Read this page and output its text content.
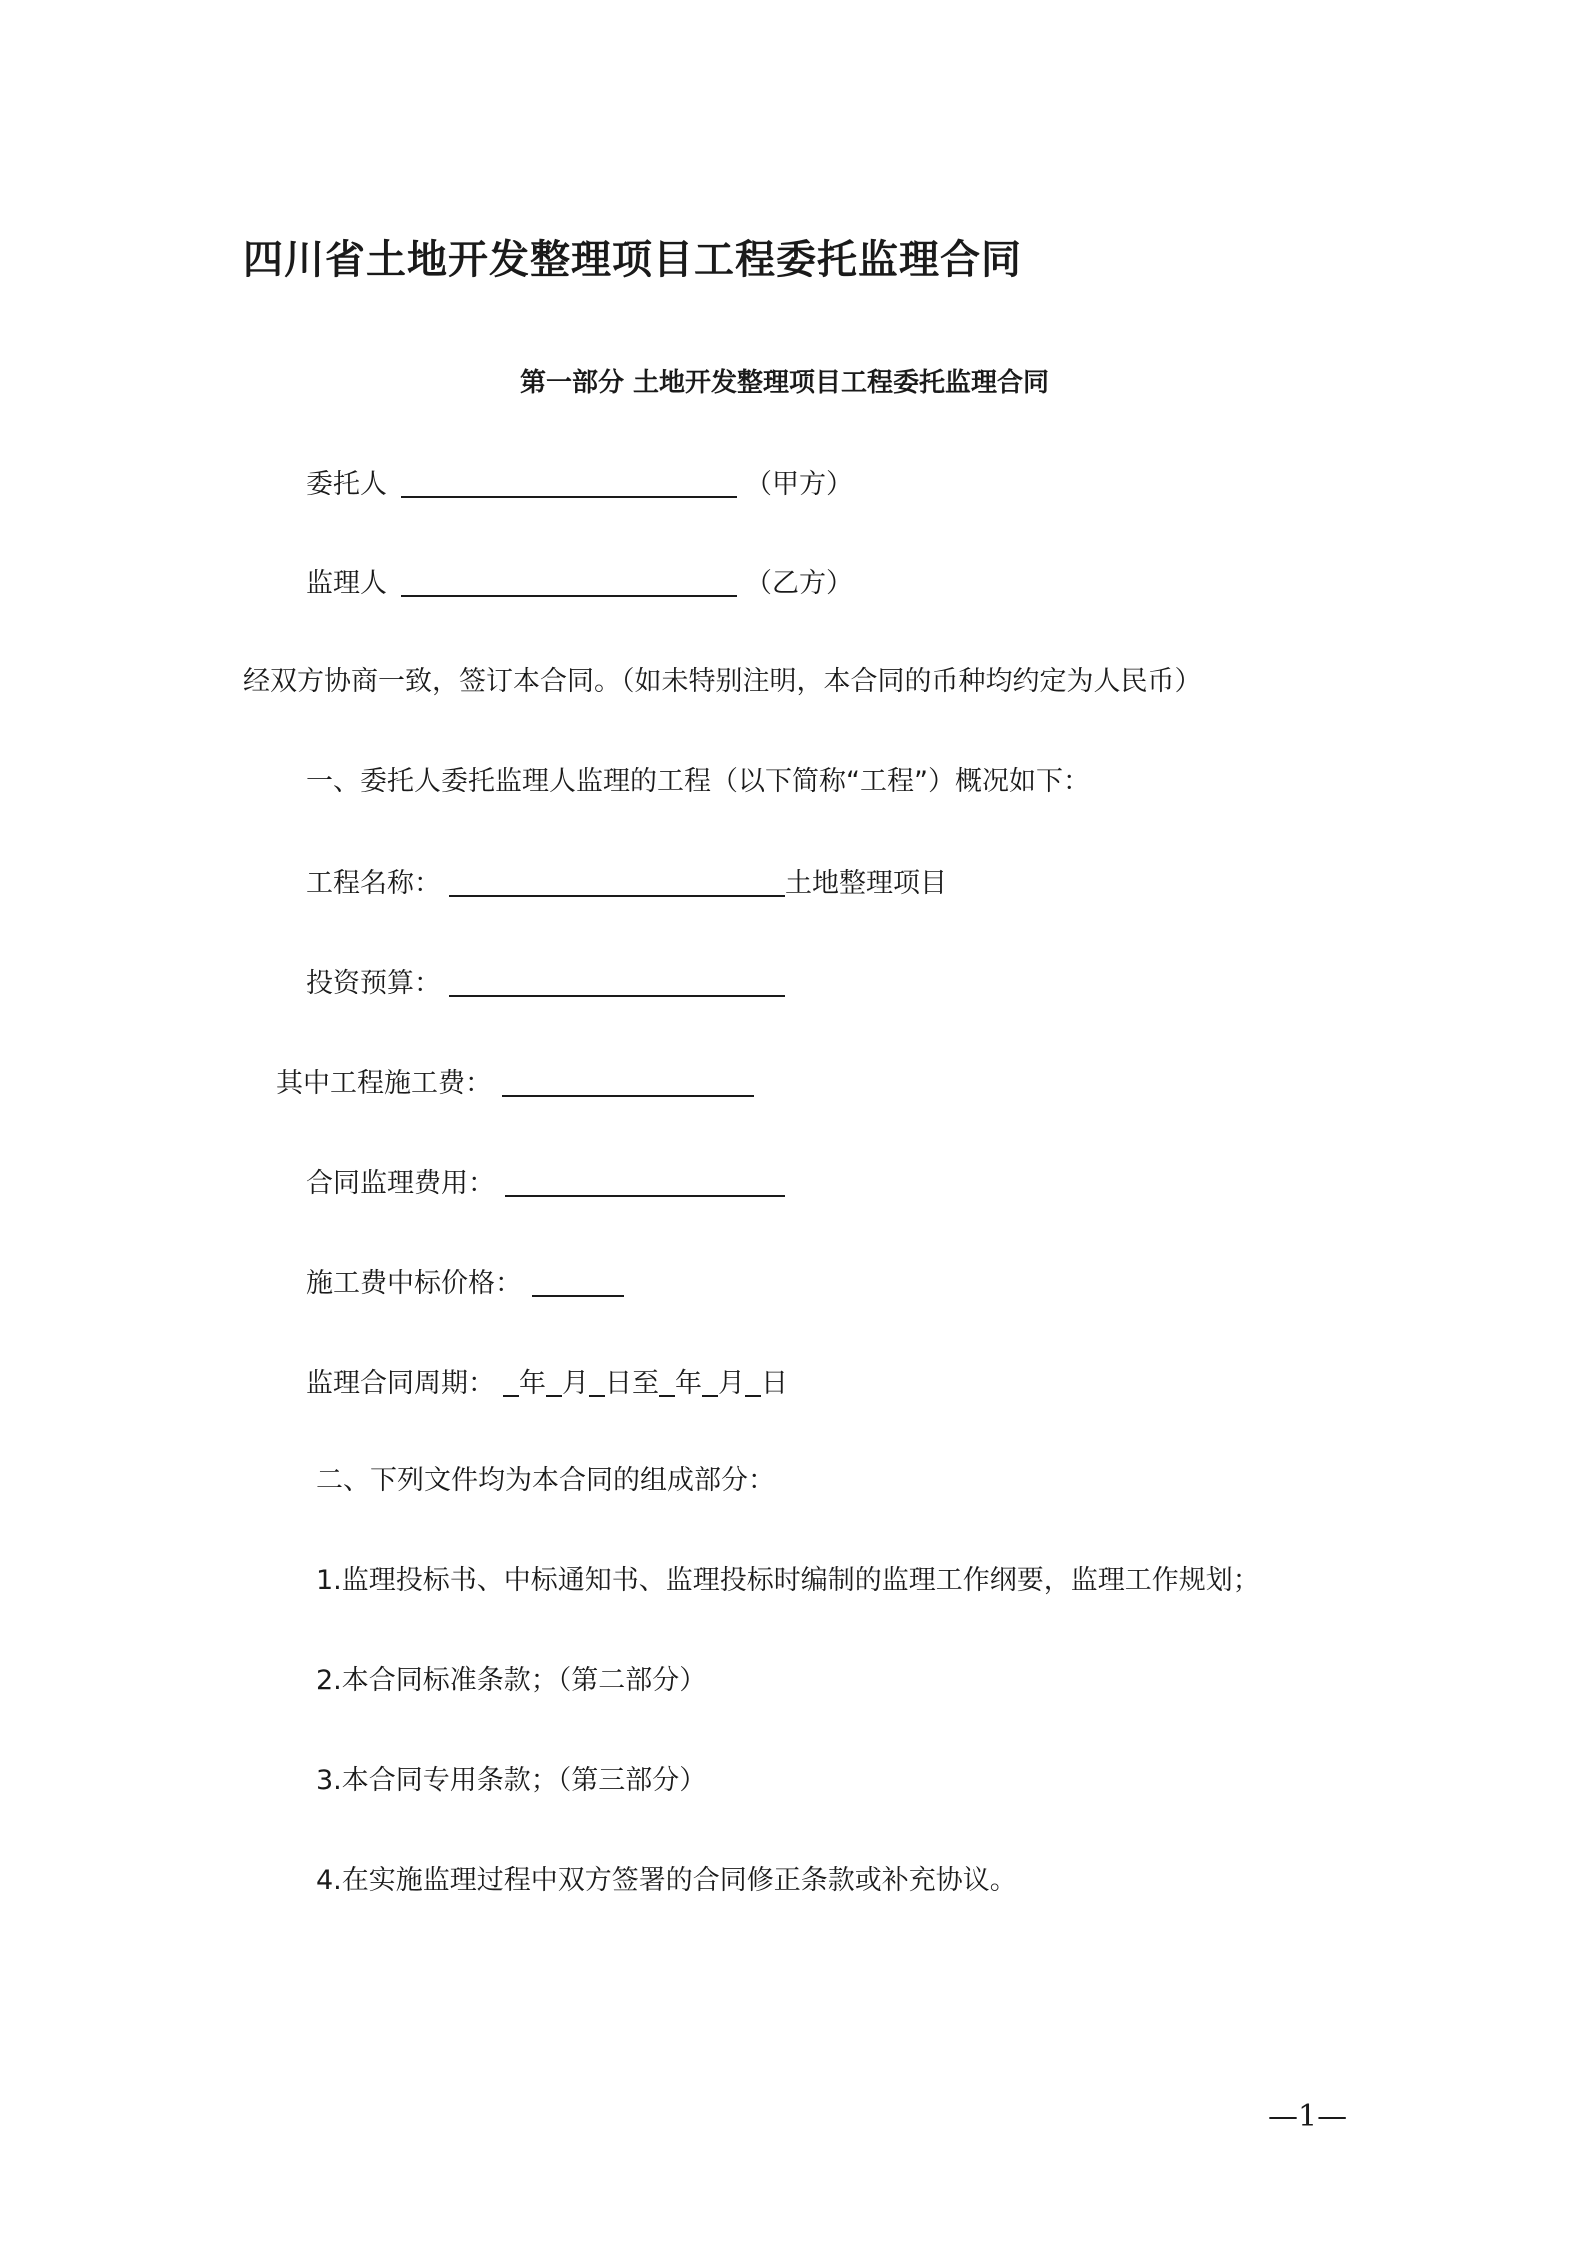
四川省土地开发整理项目工程委托监理合同
第一部分 土地开发整理项目工程委托监理合同
委托人	（甲方）
监理人	（乙方）
经双方协商一致，签订本合同。（如未特别注明，本合同的币种均约定为人民币）
一、委托人委托监理人监理的工程（以下简称“工程”）概况如下：
工程名称：	土地整理项目
投资预算：
其中工程施工费：
合同监理费用：
施工费中标价格：
监理合同周期： 年 月 日至 年 月 日
二、下列文件均为本合同的组成部分：
1.监理投标书、中标通知书、监理投标时编制的监理工作纲要，监理工作规划；
2.本合同标准条款；（第二部分）
3.本合同专用条款；（第三部分）
4.在实施监理过程中双方签署的合同修正条款或补充协议。
—1—
